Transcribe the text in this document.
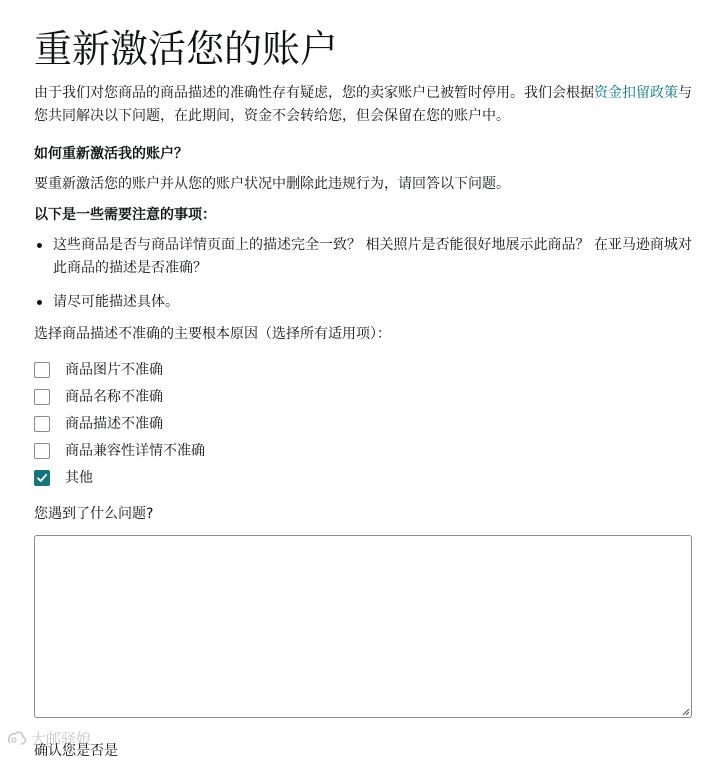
重新激活您的账户
由于我们对您商品的商品描述的准确性存有疑虑，您的卖家账户已被暂时停用。我们会根据资金扣留政策与您共同解决以下问题，在此期间，资金不会转给您，但会保留在您的账户中。
如何重新激活我的账户？
要重新激活您的账户并从您的账户状况中删除此违规行为，请回答以下问题。
以下是一些需要注意的事项：
这些商品是否与商品详情页面上的描述完全一致？ 相关照片是否能很好地展示此商品？ 在亚马逊商城对此商品的描述是否准确？
请尽可能描述具体。
选择商品描述不准确的主要根本原因（选择所有适用项）：
商品图片不准确
商品名称不准确
商品描述不准确
商品兼容性详情不准确
其他
您遇到了什么问题?
确认您是否是
大邮驿娘
